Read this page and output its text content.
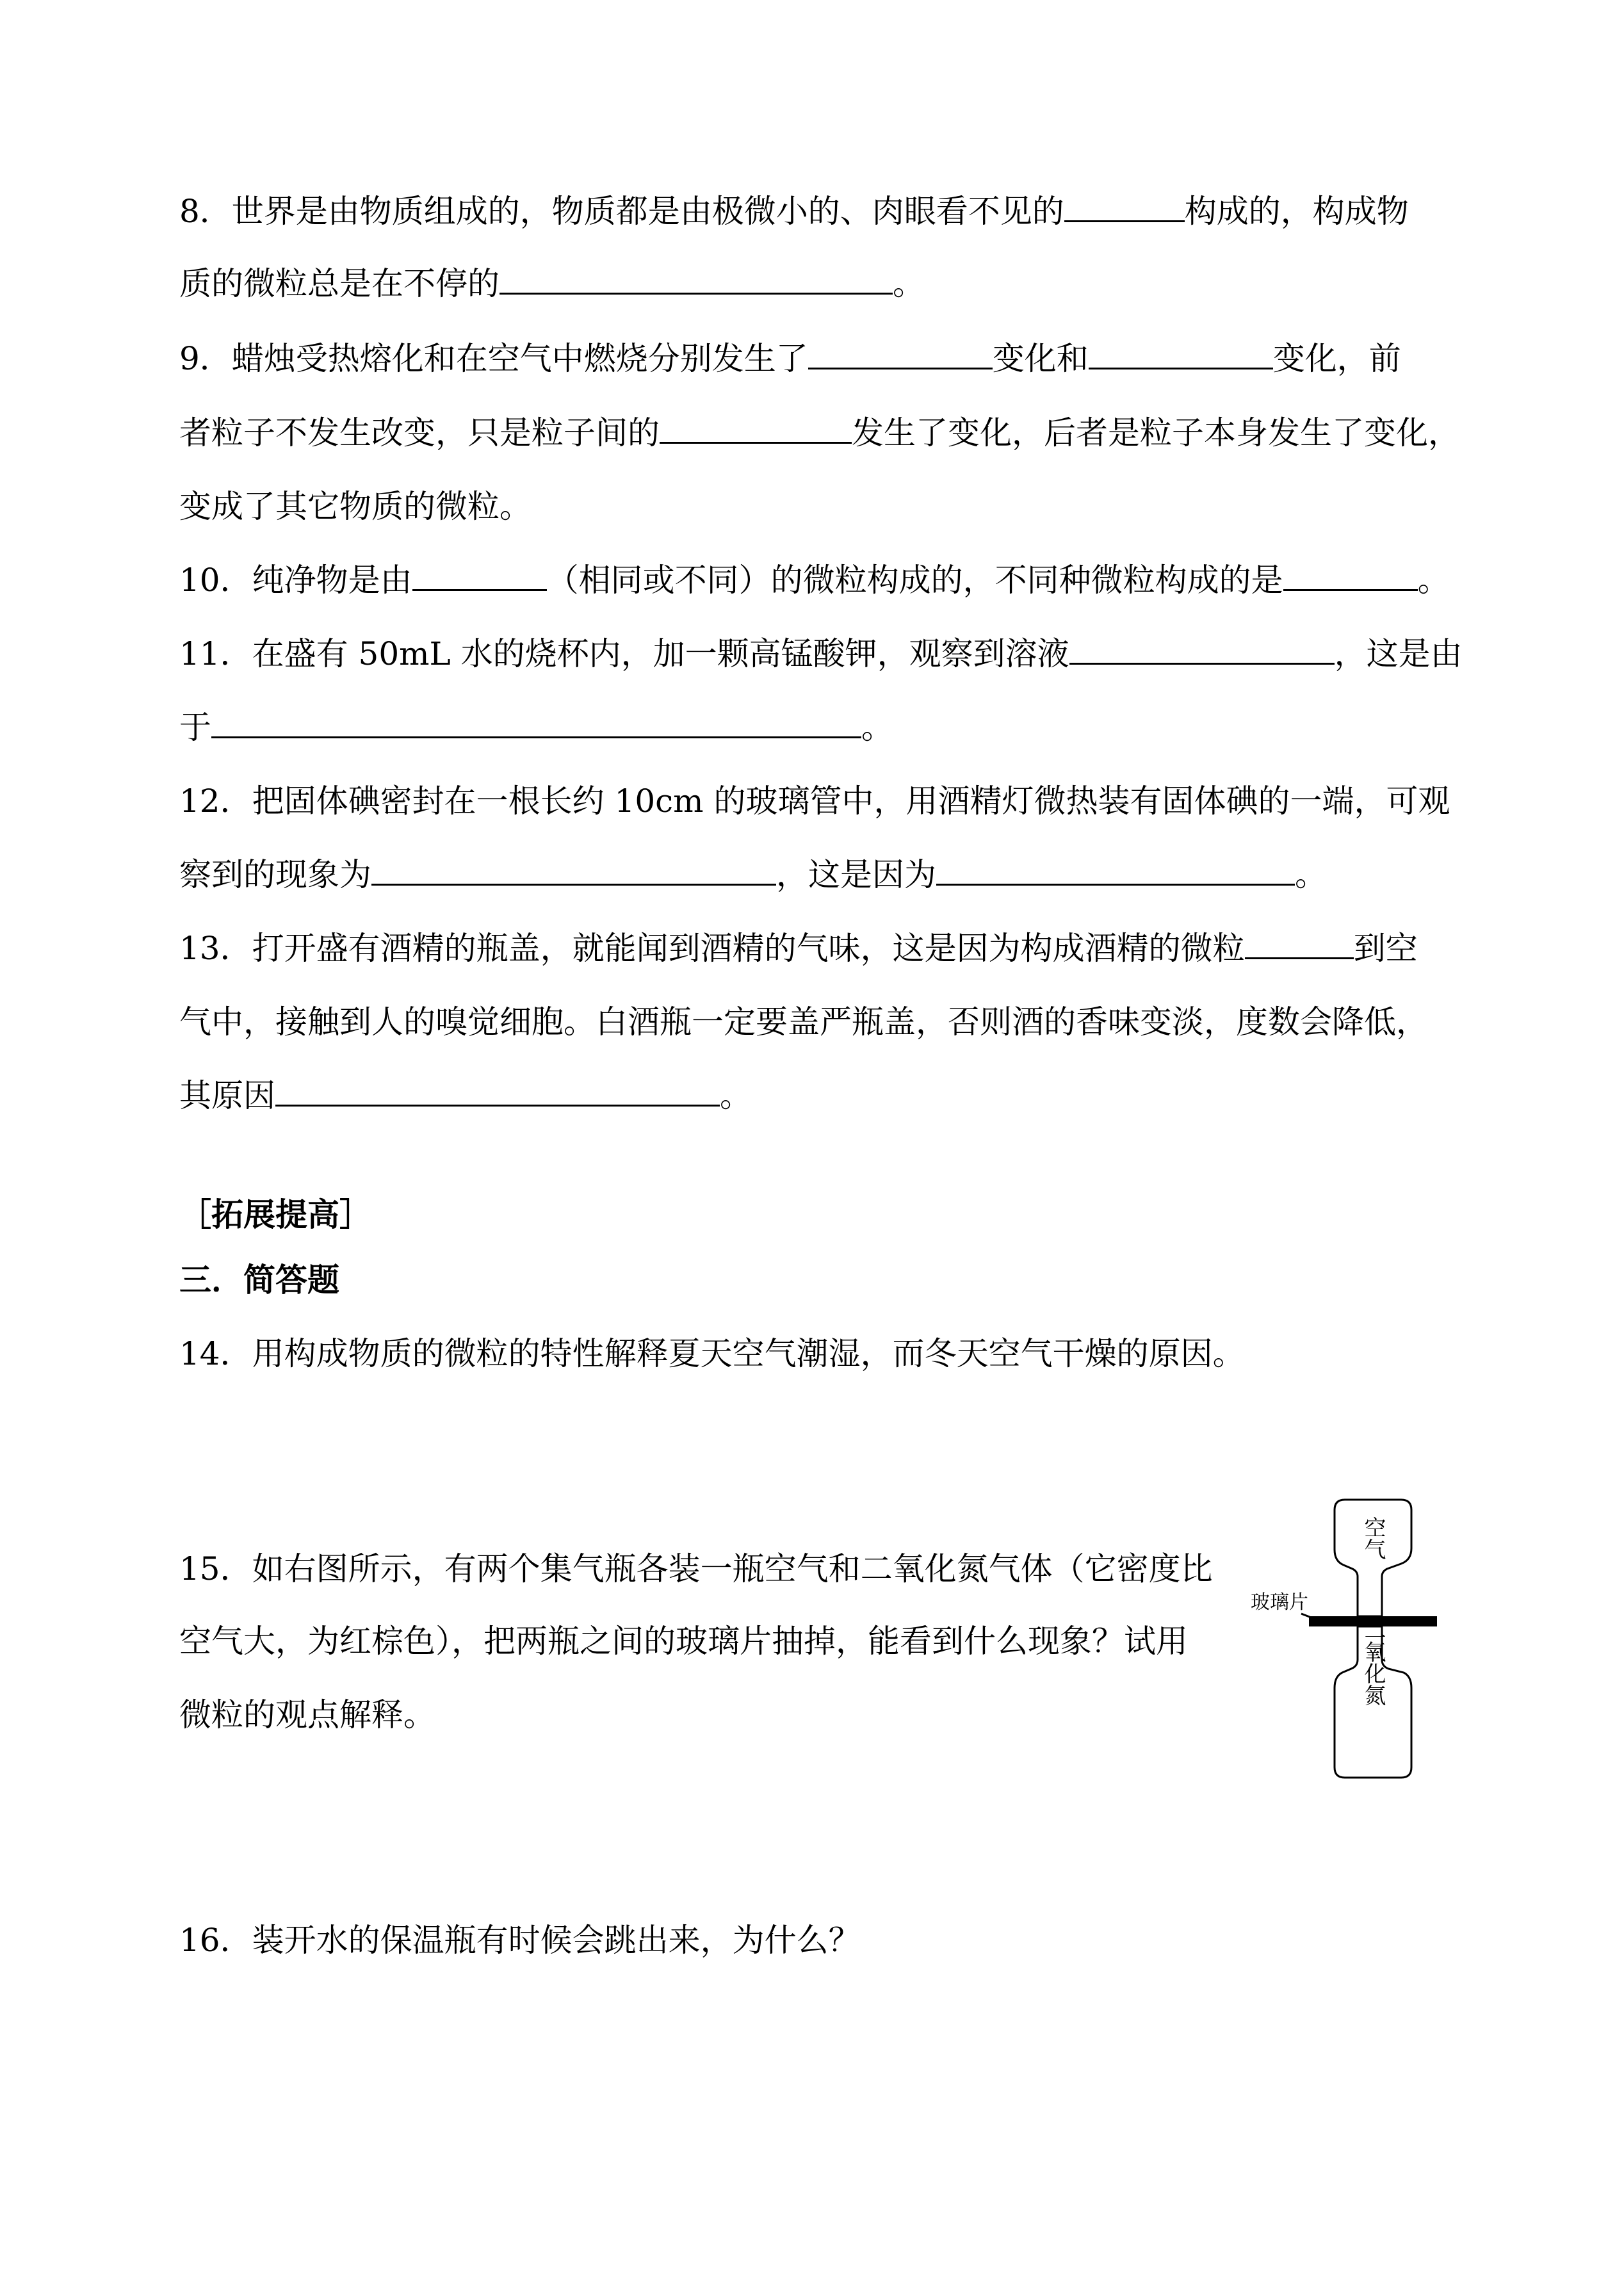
8．世界是由物质组成的，物质都是由极微小的、肉眼看不见的	构成的，构成物
质的微粒总是在不停的	。
9．蜡烛受热熔化和在空气中燃烧分别发生了	变化和	变化，前
者粒子不发生改变，只是粒子间的	发生了变化，后者是粒子本身发生了变化，
变成了其它物质的微粒。
10．纯净物是由	（相同或不同）的微粒构成的，不同种微粒构成的是	。
11．在盛有 50mL 水的烧杯内，加一颗高锰酸钾，观察到溶液	，这是由
于	。
12．把固体碘密封在一根长约 10cm 的玻璃管中，用酒精灯微热装有固体碘的一端，可观
察到的现象为	，这是因为	。
13．打开盛有酒精的瓶盖，就能闻到酒精的气味，这是因为构成酒精的微粒	到空
气中，接触到人的嗅觉细胞。白酒瓶一定要盖严瓶盖，否则酒的香味变淡，度数会降低，
其原因	。
［拓展提高］
三．简答题
14．用构成物质的微粒的特性解释夏天空气潮湿，而冬天空气干燥的原因。
15．如右图所示，有两个集气瓶各装一瓶空气和二氧化氮气体（它密度比
空气大，为红棕色），把两瓶之间的玻璃片抽掉，能看到什么现象？试用
微粒的观点解释。
空气
玻璃片
二氧化氮
16．装开水的保温瓶有时候会跳出来，为什么？
